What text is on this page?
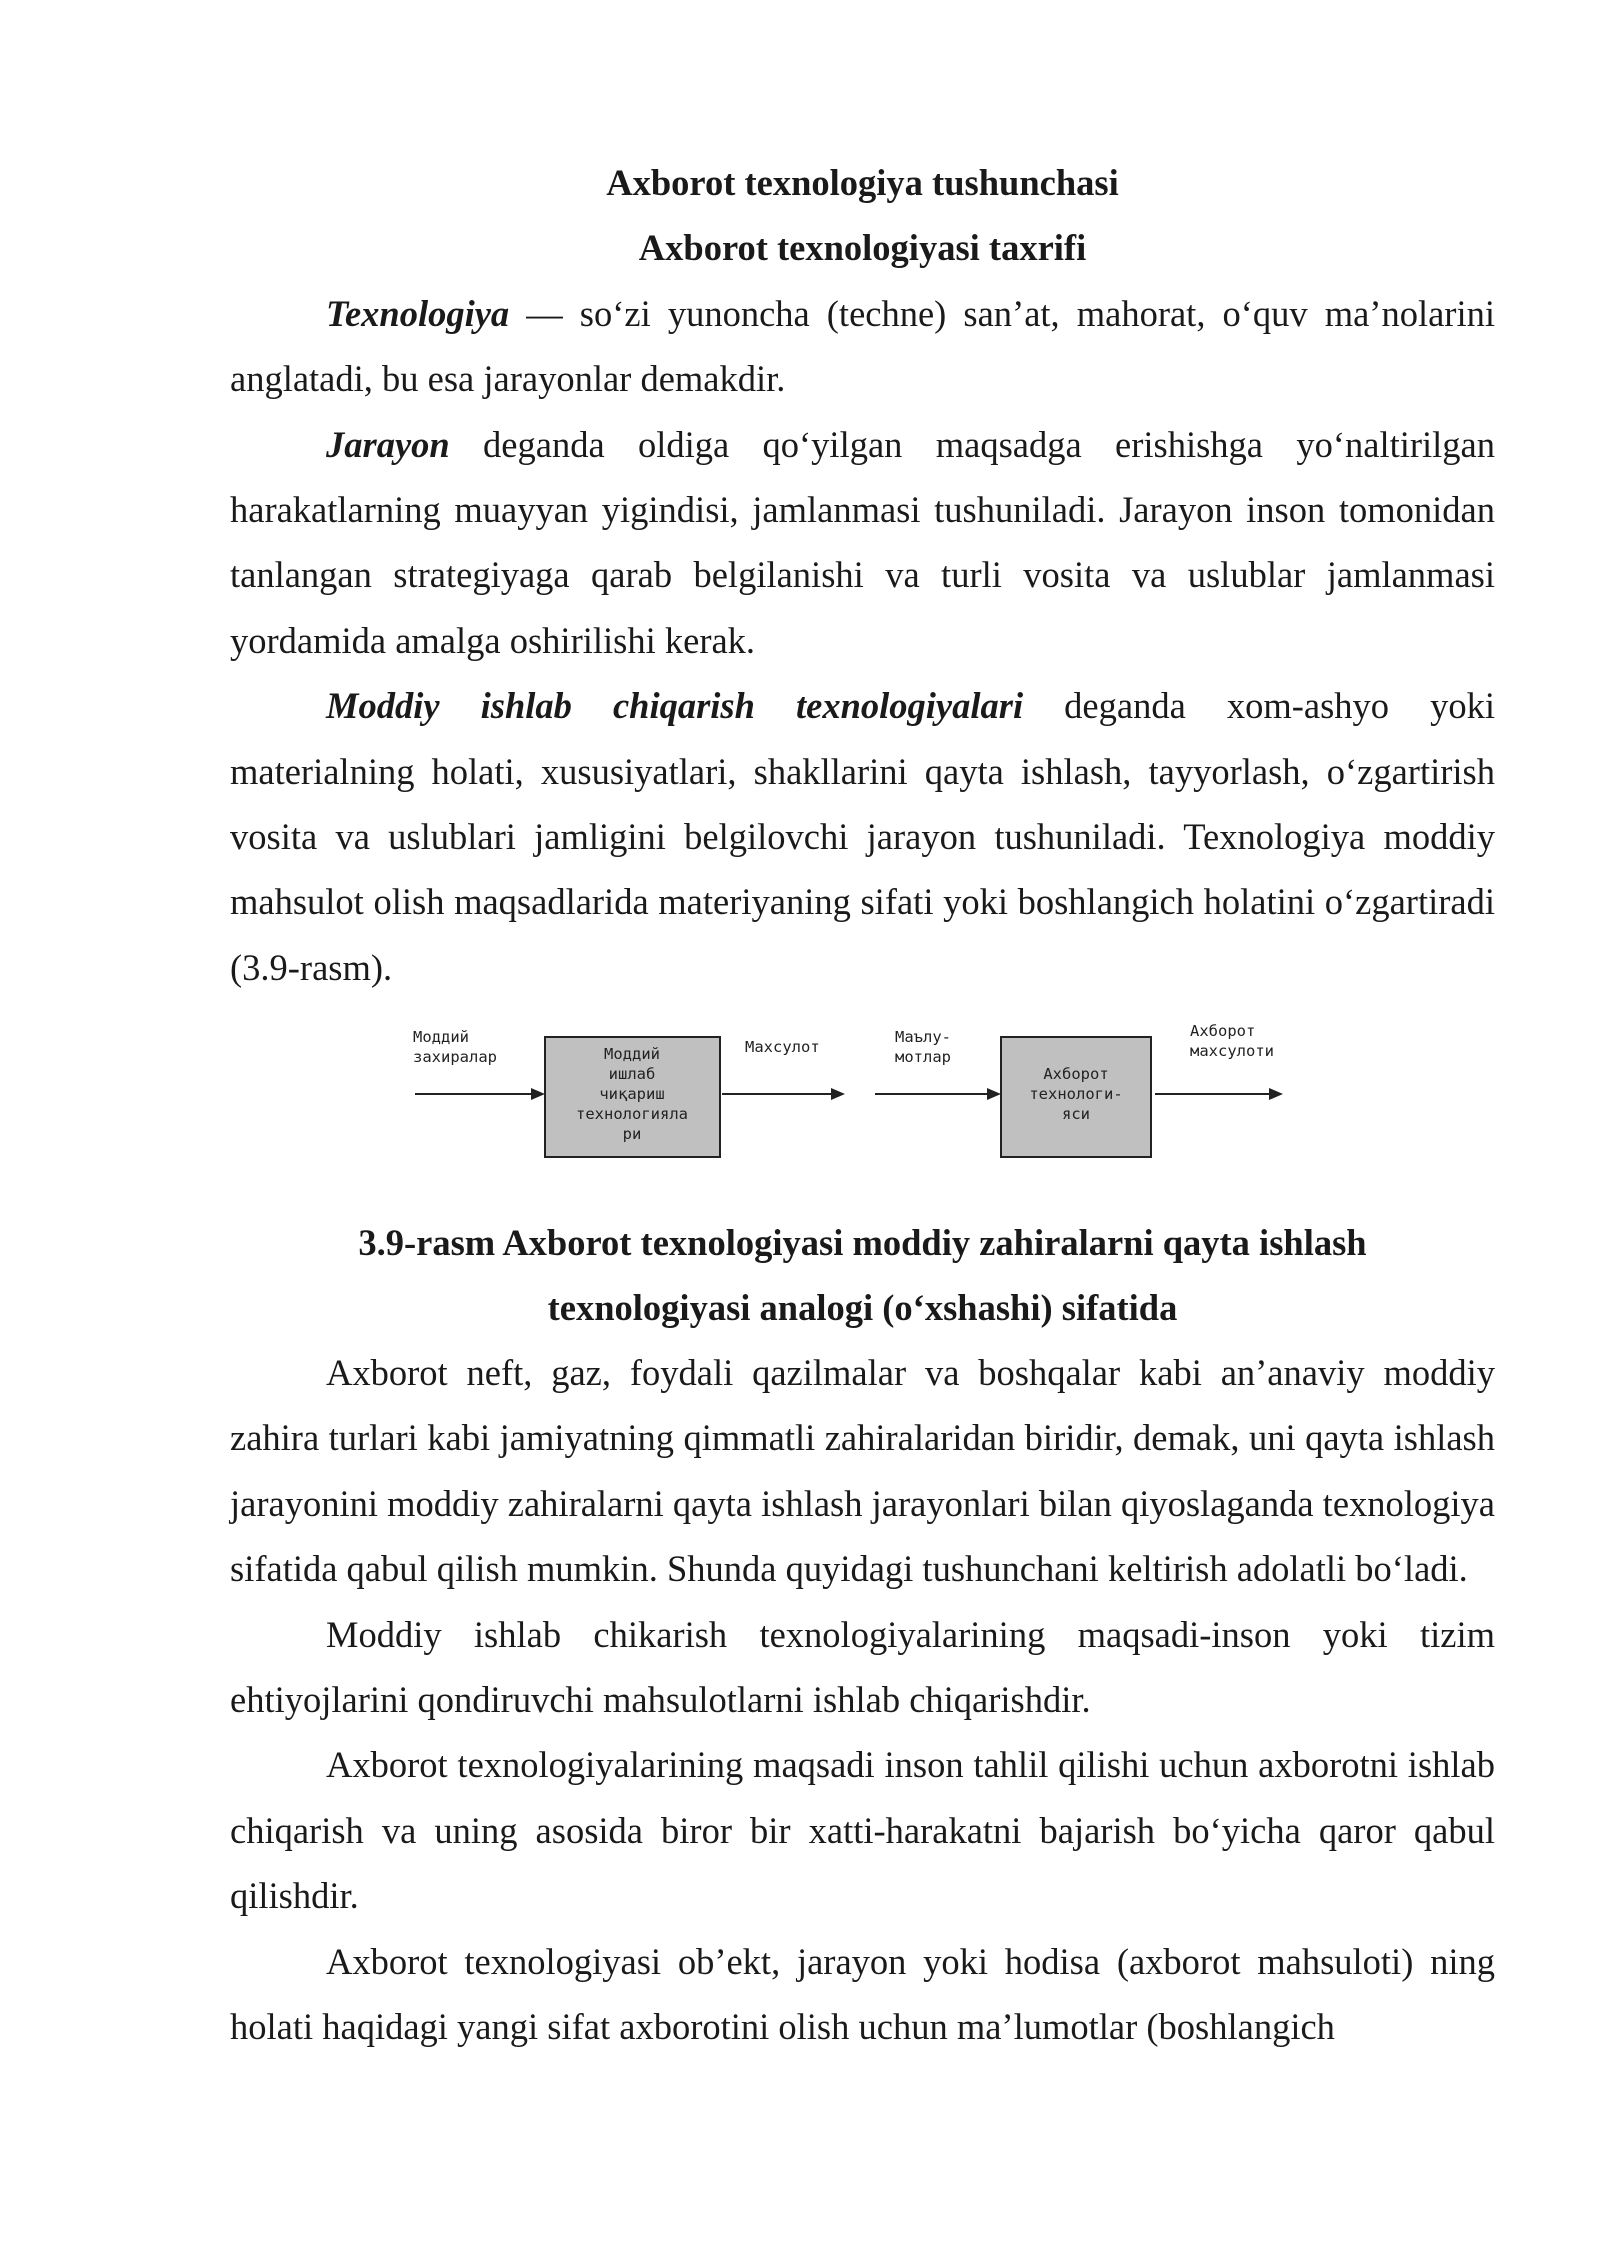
Axborot texnologiya tushunchasi

Axborot texnologiyasi taxrifi

Texnologiya — so‘zi yunoncha (techne) san’at, mahorat, o‘quv ma’nolarini anglatadi, bu esa jarayonlar demakdir.

Jarayon deganda oldiga qo‘yilgan maqsadga erishishga yo‘naltirilgan harakatlarning muayyan yigindisi, jamlanmasi tushuniladi. Jarayon inson tomonidan tanlangan strategiyaga qarab belgilanishi va turli vosita va uslublar jamlanmasi yordamida amalga oshirilishi kerak.

Moddiy ishlab chiqarish texnologiyalari deganda xom-ashyo yoki materialning holati, xususiyatlari, shakllarini qayta ishlash, tayyorlash, o‘zgartirish vosita va uslublari jamligini belgilovchi jarayon tushuniladi. Texnologiya moddiy mahsulot olish maqsadlarida materiyaning sifati yoki boshlangich holatini o‘zgartiradi (3.9-rasm).

Моддий
захиралар	Моддий
ишлаб
чиқариш
технологияла
ри
Махсулот
Маълу-
мотлар
Ахборот
технологи-
яси
Ахборот
махсулоти
3.9-rasm Axborot texnologiyasi moddiy zahiralarni qayta ishlash
texnologiyasi analogi (o‘xshashi) sifatida

Axborot neft, gaz, foydali qazilmalar va boshqalar kabi an’anaviy moddiy zahira turlari kabi jamiyatning qimmatli zahiralaridan biridir, demak, uni qayta ishlash jarayonini moddiy zahiralarni qayta ishlash jarayonlari bilan qiyoslaganda texnologiya sifatida qabul qilish mumkin. Shunda quyidagi tushunchani keltirish adolatli bo‘ladi.

Moddiy ishlab chikarish texnologiyalarining maqsadi-inson yoki tizim ehtiyojlarini qondiruvchi mahsulotlarni ishlab chiqarishdir.

Axborot texnologiyalarining maqsadi inson tahlil qilishi uchun axborotni ishlab chiqarish va uning asosida biror bir xatti-harakatni bajarish bo‘yicha qaror qabul qilishdir.

Axborot texnologiyasi ob’ekt, jarayon yoki hodisa (axborot mahsuloti) ning holati haqidagi yangi sifat axborotini olish uchun ma’lumotlar (boshlangich
